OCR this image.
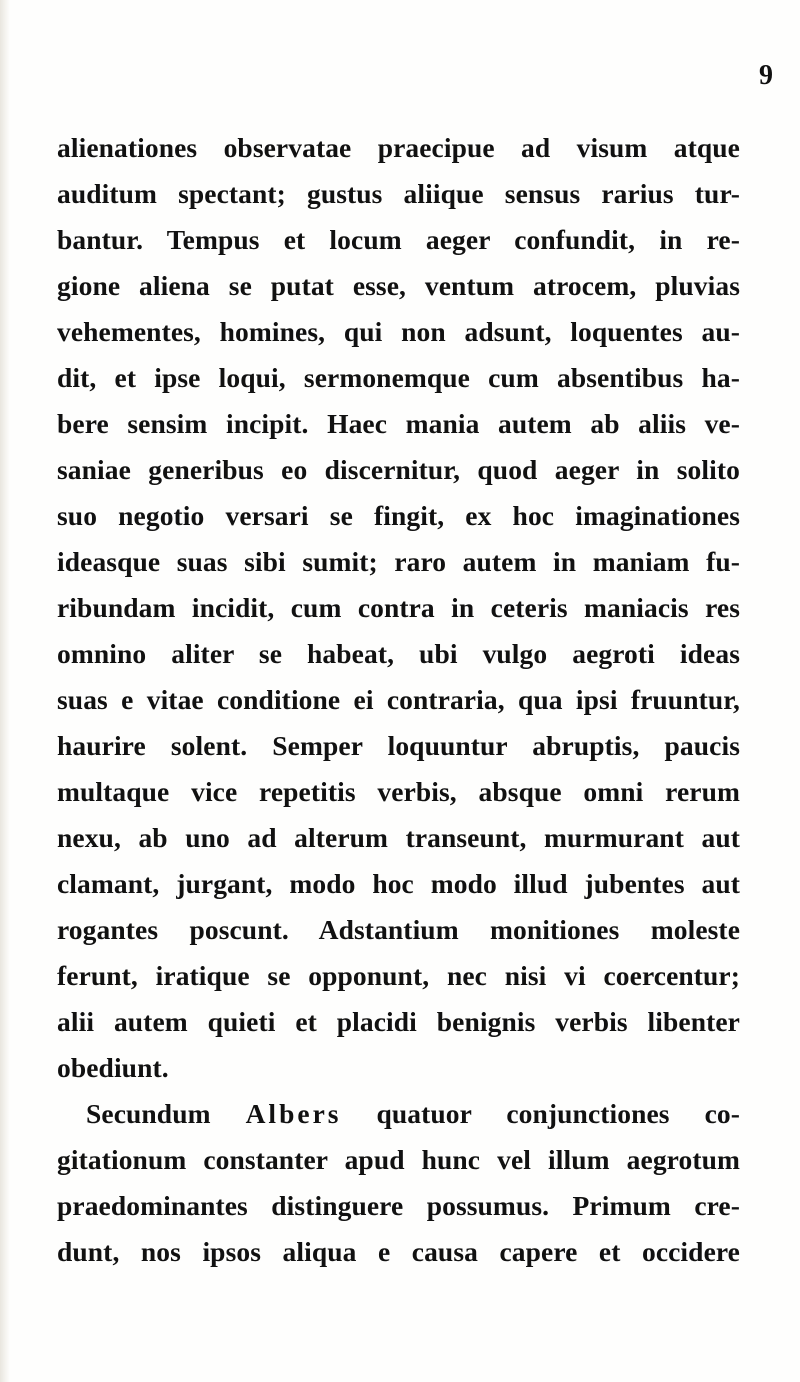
9
alienationes observatae praecipue ad visum atque
auditum spectant; gustus aliique sensus rarius tur-
bantur. Tempus et locum aeger confundit, in re-
gione aliena se putat esse, ventum atrocem, pluvias
vehementes, homines, qui non adsunt, loquentes au-
dit, et ipse loqui, sermonemque cum absentibus ha-
bere sensim incipit. Haec mania autem ab aliis ve-
saniae generibus eo discernitur, quod aeger in solito
suo negotio versari se fingit, ex hoc imaginationes
ideasque suas sibi sumit; raro autem in maniam fu-
ribundam incidit, cum contra in ceteris maniacis res
omnino aliter se habeat, ubi vulgo aegroti ideas
suas e vitae conditione ei contraria, qua ipsi fruuntur,
haurire solent. Semper loquuntur abruptis, paucis
multaque vice repetitis verbis, absque omni rerum
nexu, ab uno ad alterum transeunt, murmurant aut
clamant, jurgant, modo hoc modo illud jubentes aut
rogantes poscunt. Adstantium monitiones moleste
ferunt, iratique se opponunt, nec nisi vi coercentur;
alii autem quieti et placidi benignis verbis libenter
obediunt.
Secundum Albers quatuor conjunctiones co-
gitationum constanter apud hunc vel illum aegrotum
praedominantes distinguere possumus. Primum cre-
dunt, nos ipsos aliqua e causa capere et occidere
